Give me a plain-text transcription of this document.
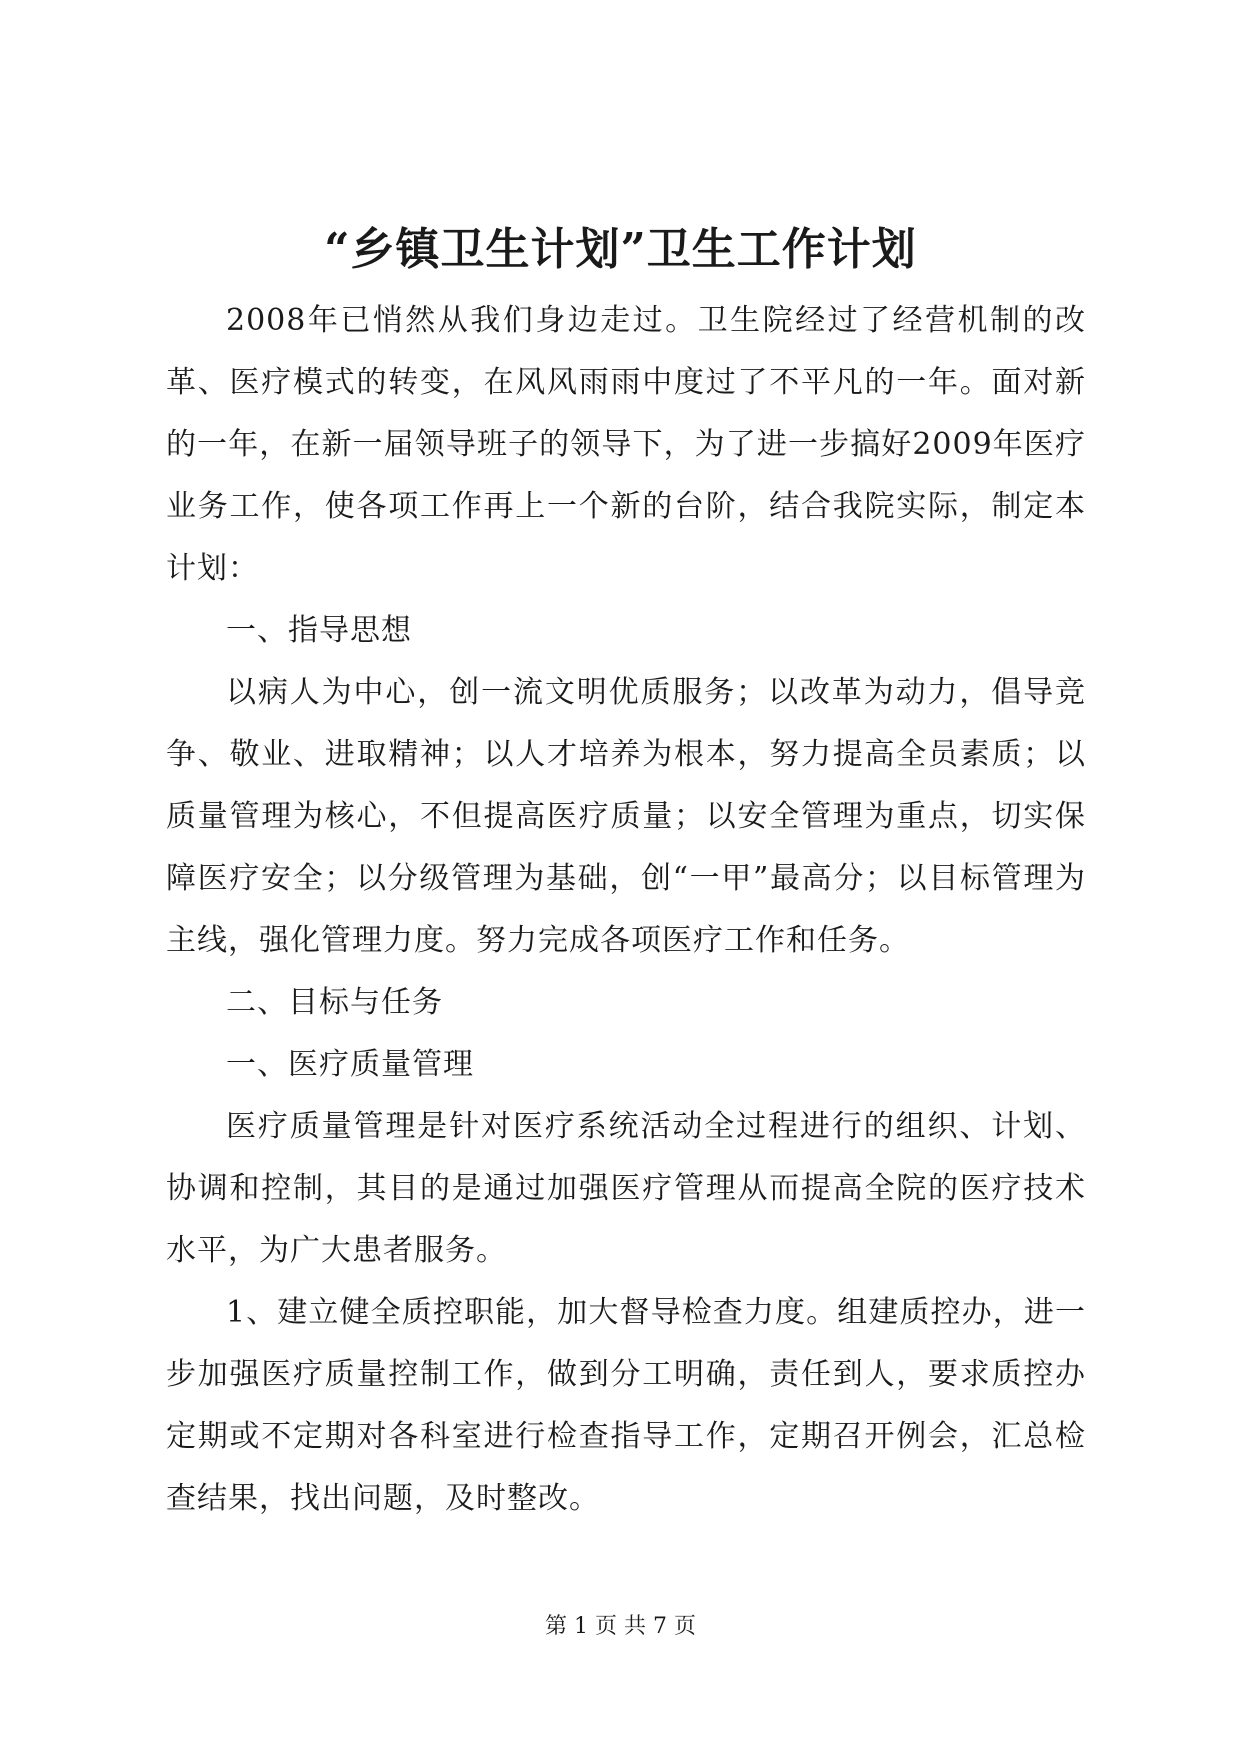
“乡镇卫生计划”卫生工作计划

2008年已悄然从我们身边走过。卫生院经过了经营机制的改革、医疗模式的转变，在风风雨雨中度过了不平凡的一年。面对新的一年，在新一届领导班子的领导下，为了进一步搞好2009年医疗业务工作，使各项工作再上一个新的台阶，结合我院实际，制定本计划：

一、指导思想

以病人为中心，创一流文明优质服务；以改革为动力，倡导竞争、敬业、进取精神；以人才培养为根本，努力提高全员素质；以质量管理为核心，不但提高医疗质量；以安全管理为重点，切实保障医疗安全；以分级管理为基础，创“一甲”最高分；以目标管理为主线，强化管理力度。努力完成各项医疗工作和任务。

二、目标与任务

一、医疗质量管理

医疗质量管理是针对医疗系统活动全过程进行的组织、计划、协调和控制，其目的是通过加强医疗管理从而提高全院的医疗技术水平，为广大患者服务。

1、建立健全质控职能，加大督导检查力度。组建质控办，进一步加强医疗质量控制工作，做到分工明确，责任到人，要求质控办定期或不定期对各科室进行检查指导工作，定期召开例会，汇总检查结果，找出问题，及时整改。

第 1 页 共 7 页
